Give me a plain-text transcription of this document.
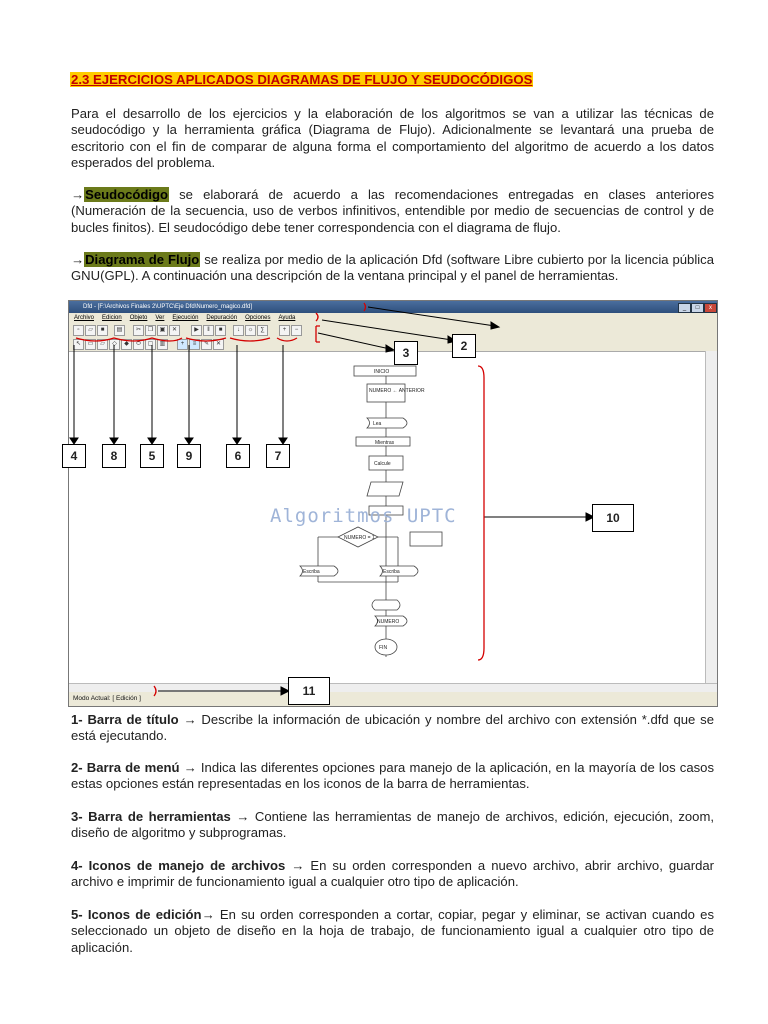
2.3 EJERCICIOS APLICADOS DIAGRAMAS DE FLUJO Y SEUDOCÓDIGOS
Para el desarrollo de los ejercicios y la elaboración de los algoritmos se van a utilizar las técnicas de seudocódigo y la herramienta gráfica (Diagrama de Flujo). Adicionalmente se levantará una prueba de escritorio con el fin de comparar de alguna forma el comportamiento del algoritmo de acuerdo a los datos esperados del problema.
→Seudocódigo se elaborará de acuerdo a las recomendaciones entregadas en clases anteriores (Numeración de la secuencia, uso de verbos infinitivos, entendible por medio de secuencias de control y de bucles finitos). El seudocódigo debe tener correspondencia con el diagrama de flujo.
→Diagrama de Flujo se realiza por medio de la aplicación Dfd (software Libre cubierto por la licencia pública GNU(GPL). A continuación una descripción de la ventana principal y el panel de herramientas.
Dfd - [F:\Archivos Finales 2\UPTC\Eje Dfd\Numero_magico.dfd]	_	□	x
Archivo Edicion Objeto Ver Ejecución Depuración Opciones Ayuda
▫	▱	■	▤	✂	❐	▣	✕	▶	‖	■	↓	☼	∑	+	−
↖	▭	▱	◇	◆	⬭	▢	▥	+	≡	✎	✕
INICIO
NUMERO ← ANTERIOR
Lea
Mientras
Calcule
NUMERO = 1
Escriba	Escriba
NUMERO
FIN
Modo Actual: [ Edición ]
Algoritmos UPTC
4	8	5	9	6	7
3	2
10
11
1- Barra de título → Describe la información de ubicación y nombre del archivo con extensión *.dfd que se está ejecutando.
2- Barra de menú → Indica las diferentes opciones para manejo de la aplicación, en la mayoría de los casos estas opciones están representadas en los iconos de la barra de herramientas.
3- Barra de herramientas → Contiene las herramientas de manejo de archivos, edición, ejecución, zoom, diseño de algoritmo y subprogramas.
4- Iconos de manejo de archivos → En su orden corresponden a nuevo archivo, abrir archivo, guardar archivo e imprimir de funcionamiento igual a cualquier otro tipo de aplicación.
5- Iconos de edición→ En su orden corresponden a cortar, copiar, pegar y eliminar, se activan cuando es seleccionado un objeto de diseño en la hoja de trabajo, de funcionamiento igual a cualquier otro tipo de aplicación.
